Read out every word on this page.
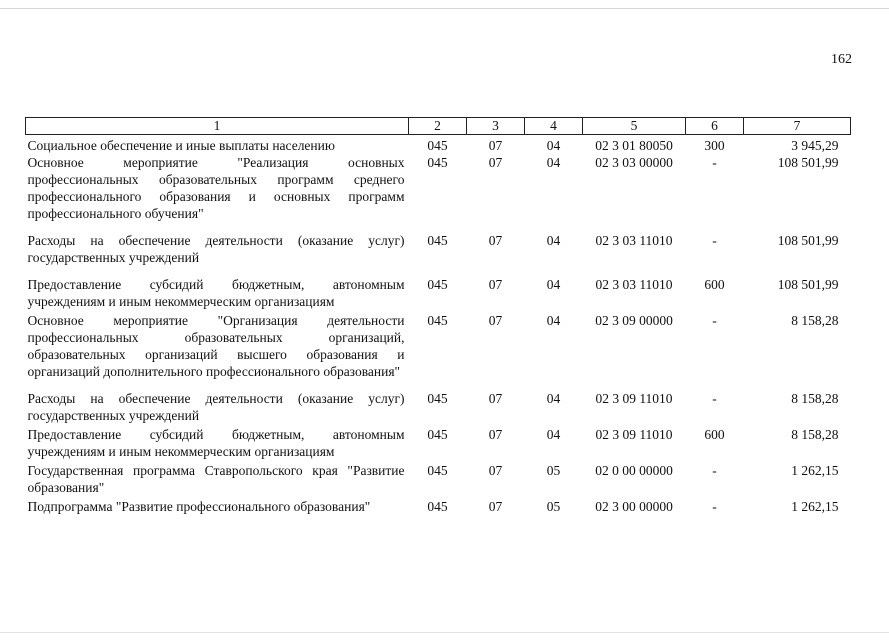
162
1	2	3	4	5	6	7
Социальное обеспечение и иные выплаты населению	045	07	04	02 3 01 80050	300	3 945,29
Основное мероприятие "Реализация основных профессиональных образовательных программ среднего профессионального образования и основных программ профессионального обучения"	045	07	04	02 3 03 00000	-	108 501,99
Расходы на обеспечение деятельности (оказание услуг) государственных учреждений	045	07	04	02 3 03 11010	-	108 501,99
Предоставление субсидий бюджетным, автономным учреждениям и иным некоммерческим организациям	045	07	04	02 3 03 11010	600	108 501,99
Основное мероприятие "Организация деятельности профессиональных образовательных организаций, образовательных организаций высшего образования и организаций дополнительного профессионального образования"	045	07	04	02 3 09 00000	-	8 158,28
Расходы на обеспечение деятельности (оказание услуг) государственных учреждений	045	07	04	02 3 09 11010	-	8 158,28
Предоставление субсидий бюджетным, автономным учреждениям и иным некоммерческим организациям	045	07	04	02 3 09 11010	600	8 158,28
Государственная программа Ставропольского края "Развитие образования"	045	07	05	02 0 00 00000	-	1 262,15
Подпрограмма "Развитие профессионального образования"	045	07	05	02 3 00 00000	-	1 262,15
